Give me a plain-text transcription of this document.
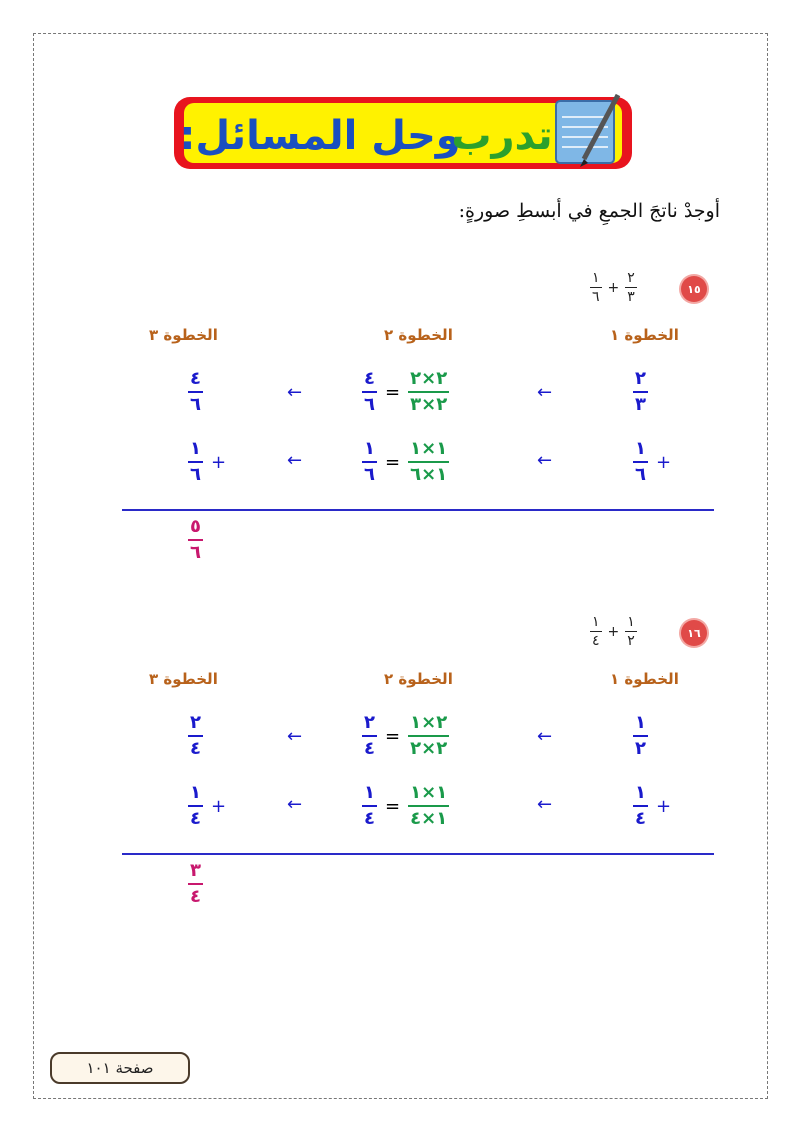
وحل المسائل:
تدرب
أوجدْ ناتجَ الجمعِ في أبسطِ صورةٍ:
١٥
$\frac{١}{٦} + \frac{٢}{٣}$
الخطوة ١
الخطوة ٢
الخطوة ٣
$\frac{٢}{٣}$
←
$\frac{٤}{٦} = \frac{٢\times ٢}{٢\times ٣}$
←
$\frac{٤}{٦}$
$\frac{١}{٦}$ +
←
$\frac{١}{٦} = \frac{١\times ١}{١\times ٦}$
←
$\frac{١}{٦}$ +
$\frac{٥}{٦}$
١٦
$\frac{١}{٤} + \frac{١}{٢}$
الخطوة ١
الخطوة ٢
الخطوة ٣
$\frac{١}{٢}$
←
$\frac{٢}{٤} = \frac{٢\times ١}{٢\times ٢}$
←
$\frac{٢}{٤}$
$\frac{١}{٤}$ +
←
$\frac{١}{٤} = \frac{١\times ١}{١\times ٤}$
←
$\frac{١}{٤}$ +
$\frac{٣}{٤}$
صفحة ١٠١
